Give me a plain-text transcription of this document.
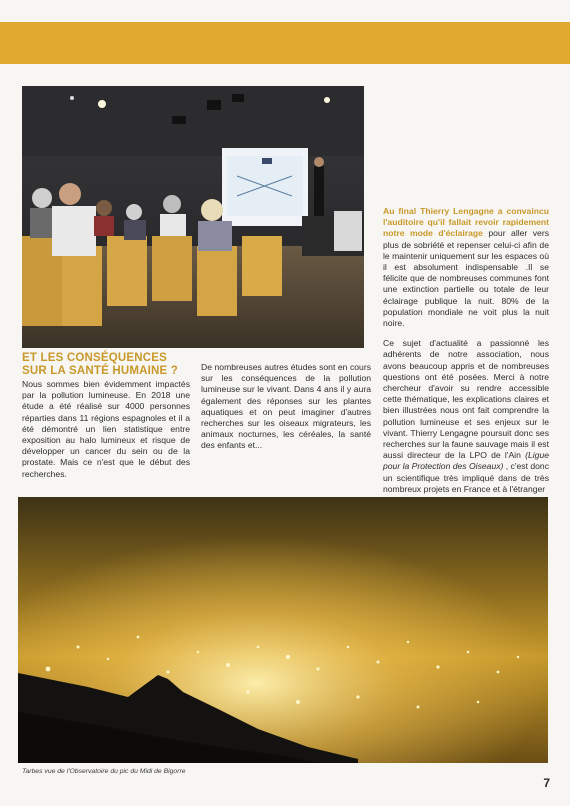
ET LES CONSÉQUENCES SUR LA SANTÉ HUMAINE ?

Nous sommes bien évidemment impactés par la pollution lumineuse. En 2018 une étude a été réalisé sur 4000 personnes réparties dans 11 régions espagnoles et il a été démontré un lien statistique entre exposition au halo lumineux et risque de développer un cancer du sein ou de la prostate. Mais ce n'est que le début des recherches.

De nombreuses autres études sont en cours sur les conséquences de la pollution lumineuse sur le vivant. Dans 4 ans il y aura également des réponses sur les plantes aquatiques et on peut imaginer d'autres recherches sur les oiseaux migrateurs, les animaux nocturnes, les céréales, la santé des enfants et...

Au final Thierry Lengagne a convaincu l'auditoire qu'il fallait revoir rapidement notre mode d'éclairage pour aller vers plus de sobriété et repenser celui-ci afin de le maintenir uniquement sur les espaces où il est absolument indispensable .Il se félicite que de nombreuses communes font une extinction partielle ou totale de leur éclairage publique la nuit. 80% de la population mondiale ne voit plus la nuit noire.

Ce sujet d'actualité a passionné les adhérents de notre association, nous avons beaucoup appris et de nombreuses questions ont été posées. Merci à notre chercheur d'avoir su rendre accessible cette thématique, les explications claires et bien illustrées nous ont fait comprendre la pollution lumineuse et ses enjeux sur le vivant. Thierry Lengagne poursuit donc ses recherches sur la faune sauvage mais il est aussi directeur de la LPO de l'Ain (Ligue pour la Protection des Oiseaux) , c'est donc un scientifique très impliqué dans de très nombreux projets en France et à l'étranger

Tarbes vue de l'Observatoire du pic du Midi de Bigorre
7
